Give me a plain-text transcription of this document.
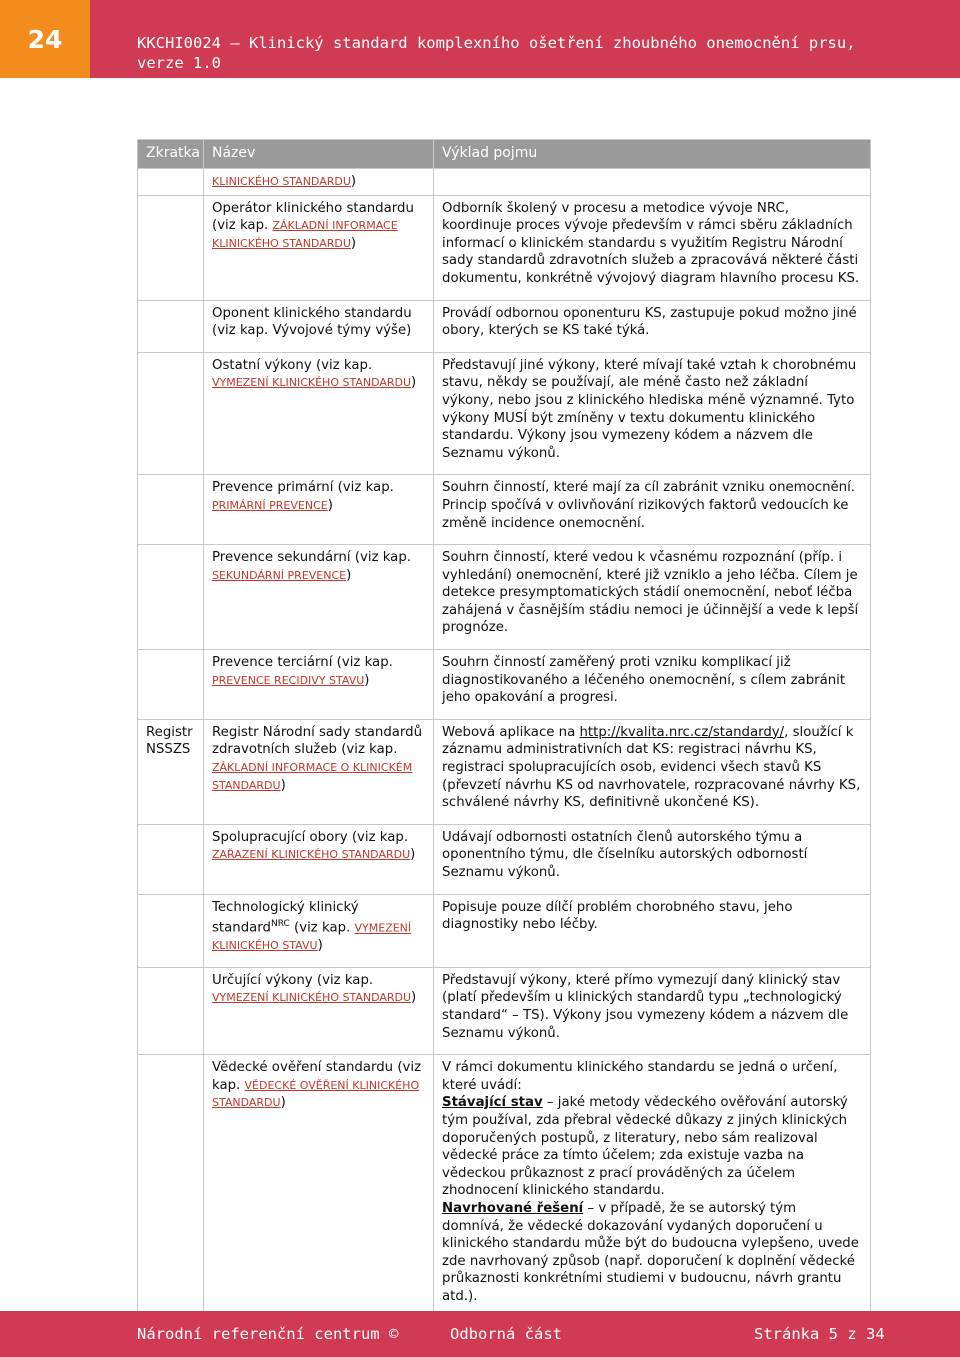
24	KKCHI0024 – Klinický standard komplexního ošetření zhoubného onemocnění prsu, verze 1.0
Zkratka	Název	Výklad pojmu
	KLINICKÉHO STANDARDU)	
	Operátor klinického standardu (viz kap. ZÁKLADNÍ INFORMACE KLINICKÉHO STANDARDU)	Odborník školený v procesu a metodice vývoje NRC, koordinuje proces vývoje především v rámci sběru základních informací o klinickém standardu s využitím Registru Národní sady standardů zdravotních služeb a zpracovává některé části dokumentu, konkrétně vývojový diagram hlavního procesu KS.
	Oponent klinického standardu (viz kap. Vývojové týmy výše)	Provádí odbornou oponenturu KS, zastupuje pokud možno jiné obory, kterých se KS také týká.
	Ostatní výkony (viz kap. VYMEZENÍ KLINICKÉHO STANDARDU)	Představují jiné výkony, které mívají také vztah k chorobnému stavu, někdy se používají, ale méně často než základní výkony, nebo jsou z klinického hlediska méně významné. Tyto výkony MUSÍ být zmíněny v textu dokumentu klinického standardu. Výkony jsou vymezeny kódem a názvem dle Seznamu výkonů.
	Prevence primární (viz kap. PRIMÁRNÍ PREVENCE)	Souhrn činností, které mají za cíl zabránit vzniku onemocnění. Princip spočívá v ovlivňování rizikových faktorů vedoucích ke změně incidence onemocnění.
	Prevence sekundární (viz kap. SEKUNDÁRNÍ PREVENCE)	Souhrn činností, které vedou k včasnému rozpoznání (příp. i vyhledání) onemocnění, které již vzniklo a jeho léčba. Cílem je detekce presymptomatických stádií onemocnění, neboť léčba zahájená v časnějším stádiu nemoci je účinnější a vede k lepší prognóze.
	Prevence terciární (viz kap. PREVENCE RECIDIVY STAVU)	Souhrn činností zaměřený proti vzniku komplikací již diagnostikovaného a léčeného onemocnění, s cílem zabránit jeho opakování a progresi.
Registr NSSZS	Registr Národní sady standardů zdravotních služeb (viz kap. ZÁKLADNÍ INFORMACE O KLINICKÉM STANDARDU)	Webová aplikace na http://kvalita.nrc.cz/standardy/, sloužící k záznamu administrativních dat KS: registraci návrhu KS, registraci spolupracujících osob, evidenci všech stavů KS (převzetí návrhu KS od navrhovatele, rozpracované návrhy KS, schválené návrhy KS, definitivně ukončené KS).
	Spolupracující obory (viz kap. ZAŘAZENÍ KLINICKÉHO STANDARDU)	Udávají odbornosti ostatních členů autorského týmu a oponentního týmu, dle číselníku autorských odborností Seznamu výkonů.
	Technologický klinický standard$^{NRC}$ (viz kap. VYMEZENÍ KLINICKÉHO STAVU)	Popisuje pouze dílčí problém chorobného stavu, jeho diagnostiky nebo léčby.
	Určující výkony (viz kap. VYMEZENÍ KLINICKÉHO STANDARDU)	Představují výkony, které přímo vymezují daný klinický stav (platí především u klinických standardů typu „technologický standard“ – TS). Výkony jsou vymezeny kódem a názvem dle Seznamu výkonů.
	Vědecké ověření standardu (viz kap. VĚDECKÉ OVĚŘENÍ KLINICKÉHO STANDARDU)	V rámci dokumentu klinického standardu se jedná o určení, které uvádí:
Stávající stav – jaké metody vědeckého ověřování autorský tým používal, zda přebral vědecké důkazy z jiných klinických doporučených postupů, z literatury, nebo sám realizoval vědecké práce za tímto účelem; zda existuje vazba na vědeckou průkaznost z prací prováděných za účelem zhodnocení klinického standardu.
Navrhované řešení – v případě, že se autorský tým domnívá, že vědecké dokazování vydaných doporučení u klinického standardu může být do budoucna vylepšeno, uvede zde navrhovaný způsob (např. doporučení k doplnění vědecké průkaznosti konkrétními studiemi v budoucnu, návrh grantu atd.).
Národní referenční centrum ©	Odborná část	Stránka 5 z 34
